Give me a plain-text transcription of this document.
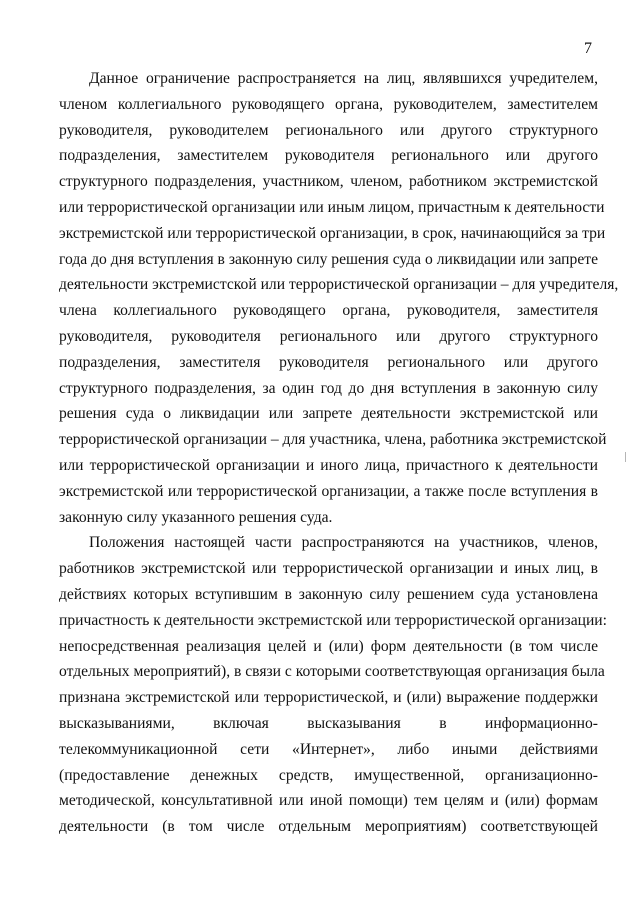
7
Данное ограничение распространяется на лиц, являвшихся учредителем,
членом коллегиального руководящего органа, руководителем, заместителем
руководителя, руководителем регионального или другого структурного
подразделения, заместителем руководителя регионального или другого
структурного подразделения, участником, членом, работником экстремистской
или террористической организации или иным лицом, причастным к деятельности
экстремистской или террористической организации, в срок, начинающийся за три
года до дня вступления в законную силу решения суда о ликвидации или запрете
деятельности экстремистской или террористической организации – для учредителя,
члена коллегиального руководящего органа, руководителя, заместителя
руководителя, руководителя регионального или другого структурного
подразделения, заместителя руководителя регионального или другого
структурного подразделения, за один год до дня вступления в законную силу
решения суда о ликвидации или запрете деятельности экстремистской или
террористической организации – для участника, члена, работника экстремистской
или террористической организации и иного лица, причастного к деятельности
экстремистской или террористической организации, а также после вступления в
законную силу указанного решения суда.
Положения настоящей части распространяются на участников, членов,
работников экстремистской или террористической организации и иных лиц, в
действиях которых вступившим в законную силу решением суда установлена
причастность к деятельности экстремистской или террористической организации:
непосредственная реализация целей и (или) форм деятельности (в том числе
отдельных мероприятий), в связи с которыми соответствующая организация была
признана экстремистской или террористической, и (или) выражение поддержки
высказываниями, включая высказывания в информационно-
телекоммуникационной сети «Интернет», либо иными действиями
(предоставление денежных средств, имущественной, организационно-
методической, консультативной или иной помощи) тем целям и (или) формам
деятельности (в том числе отдельным мероприятиям) соответствующей
